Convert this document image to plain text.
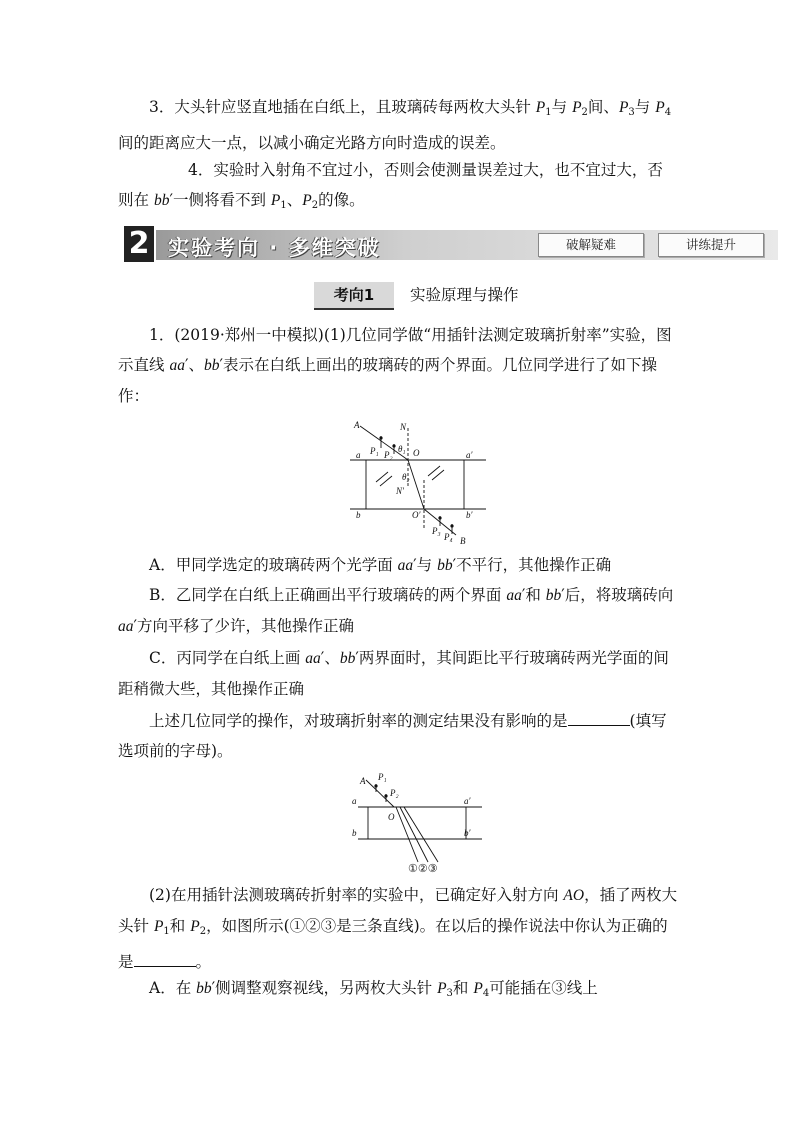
3．大头针应竖直地插在白纸上，且玻璃砖每两枚大头针 $P_1$与 $P_2$间、$P_3$与 $P_4$间的距离应大一点，以减小确定光路方向时造成的误差。

4．实验时入射角不宜过小，否则会使测量误差过大，也不宜过大，否则在 bb′一侧将看不到 $P_1$、$P_2$的像。

2 实验考向 · 多维突破	破解疑难	讲练提升
考向1	实验原理与操作

1．(2019·郑州一中模拟)(1)几位同学做“用插针法测定玻璃折射率”实验，图示直线 aa′、bb′表示在白纸上画出的玻璃砖的两个界面。几位同学进行了如下操作：

A	N
P₁ P₂
θ₁ O
a	a′
θ₂
N′
b	O′	b′
P₃
P₄ B

A．甲同学选定的玻璃砖两个光学面 aa′与 bb′不平行，其他操作正确

B．乙同学在白纸上正确画出平行玻璃砖的两个界面 aa′和 bb′后，将玻璃砖向 aa′方向平移了少许，其他操作正确

C．丙同学在白纸上画 aa′、bb′两界面时，其间距比平行玻璃砖两光学面的间距稍微大些，其他操作正确

上述几位同学的操作，对玻璃折射率的测定结果没有影响的是	(填写选项前的字母)。

P₁
A
P₂
a	a′
O
b	b′
①②③

(2)在用插针法测玻璃砖折射率的实验中，已确定好入射方向 AO，插了两枚大头针 $P_1$和 $P_2$，如图所示(①②③是三条直线)。在以后的操作说法中你认为正确的是	。

A．在 bb′侧调整观察视线，另两枚大头针 $P_3$和 $P_4$可能插在③线上
